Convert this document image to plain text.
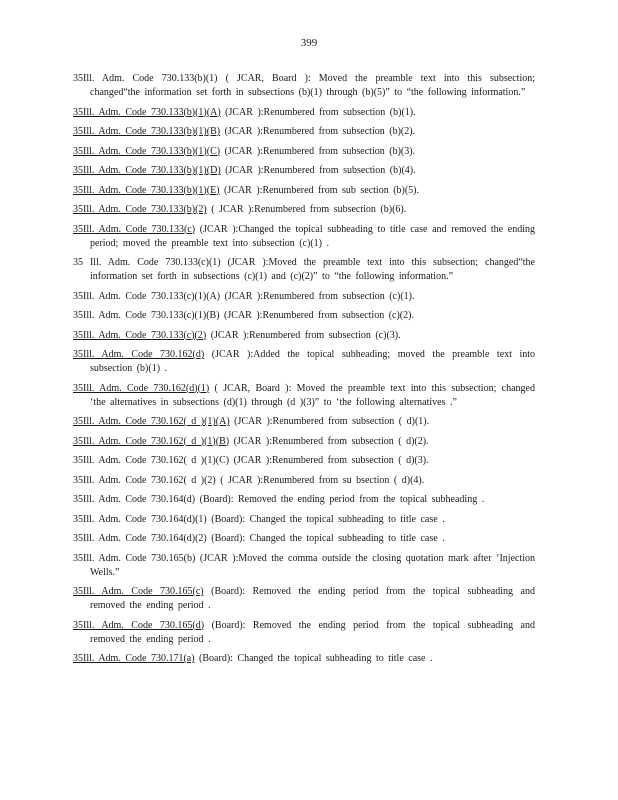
399

35Ill. Adm. Code 730.133(b)(1) ( JCAR, Board ): Moved the preamble text into this subsection; changed“the information set forth in subsections (b)(1) through (b)(5)” to “the following information.”

35Ill. Adm. Code 730.133(b)(1)(A) (JCAR ):Renumbered from subsection (b)(1).

35Ill. Adm. Code 730.133(b)(1)(B) (JCAR ):Renumbered from subsection (b)(2).

35Ill. Adm. Code 730.133(b)(1)(C) (JCAR ):Renumbered from subsection (b)(3).

35Ill. Adm. Code 730.133(b)(1)(D) (JCAR ):Renumbered from subsection (b)(4).

35Ill. Adm. Code 730.133(b)(1)(E) (JCAR ):Renumbered from sub section (b)(5).

35Ill. Adm. Code 730.133(b)(2) ( JCAR ):Renumbered from subsection (b)(6).

35Ill. Adm. Code 730.133(c) (JCAR ):Changed the topical subheading to title case and removed the ending period; moved the preamble text into subsection (c)(1) .

35 Ill. Adm. Code 730.133(c)(1) (JCAR ):Moved the preamble text into this subsection; changed“the information set forth in subsections (c)(1) and (c)(2)” to “the following information.”

35Ill. Adm. Code 730.133(c)(1)(A) (JCAR ):Renumbered from subsection (c)(1).

35Ill. Adm. Code 730.133(c)(1)(B) (JCAR ):Renumbered from subsection (c)(2).

35Ill. Adm. Code 730.133(c)(2) (JCAR ):Renumbered from subsection (c)(3).

35Ill. Adm. Code 730.162(d) (JCAR ):Added the topical subheading; moved the preamble text into subsection (b)(1) .

35Ill. Adm. Code 730.162(d)(1) ( JCAR, Board ): Moved the preamble text into this subsection; changed ‘the alternatives in subsections (d)(1) through (d )(3)” to ‘the following alternatives .”

35Ill. Adm. Code 730.162( d )(1)(A) (JCAR ):Renumbered from subsection ( d)(1).

35Ill. Adm. Code 730.162( d )(1)(B) (JCAR ):Renumbered from subsection ( d)(2).

35Ill. Adm. Code 730.162( d )(1)(C) (JCAR ):Renumbered from subsection ( d)(3).

35Ill. Adm. Code 730.162( d )(2) ( JCAR ):Renumbered from su bsection ( d)(4).

35Ill. Adm. Code 730.164(d) (Board): Removed the ending period from the topical subheading .

35Ill. Adm. Code 730.164(d)(1) (Board): Changed the topical subheading to title case .

35Ill. Adm. Code 730.164(d)(2) (Board): Changed the topical subheading to title case .

35Ill. Adm. Code 730.165(b) (JCAR ):Moved the comma outside the closing quotation mark after ‘Injection Wells.”

35Ill. Adm. Code 730.165(c) (Board): Removed the ending period from the topical subheading and removed the ending period .

35Ill. Adm. Code 730.165(d) (Board): Removed the ending period from the topical subheading and removed the ending period .

35Ill. Adm. Code 730.171(a) (Board): Changed the topical subheading to title case .
